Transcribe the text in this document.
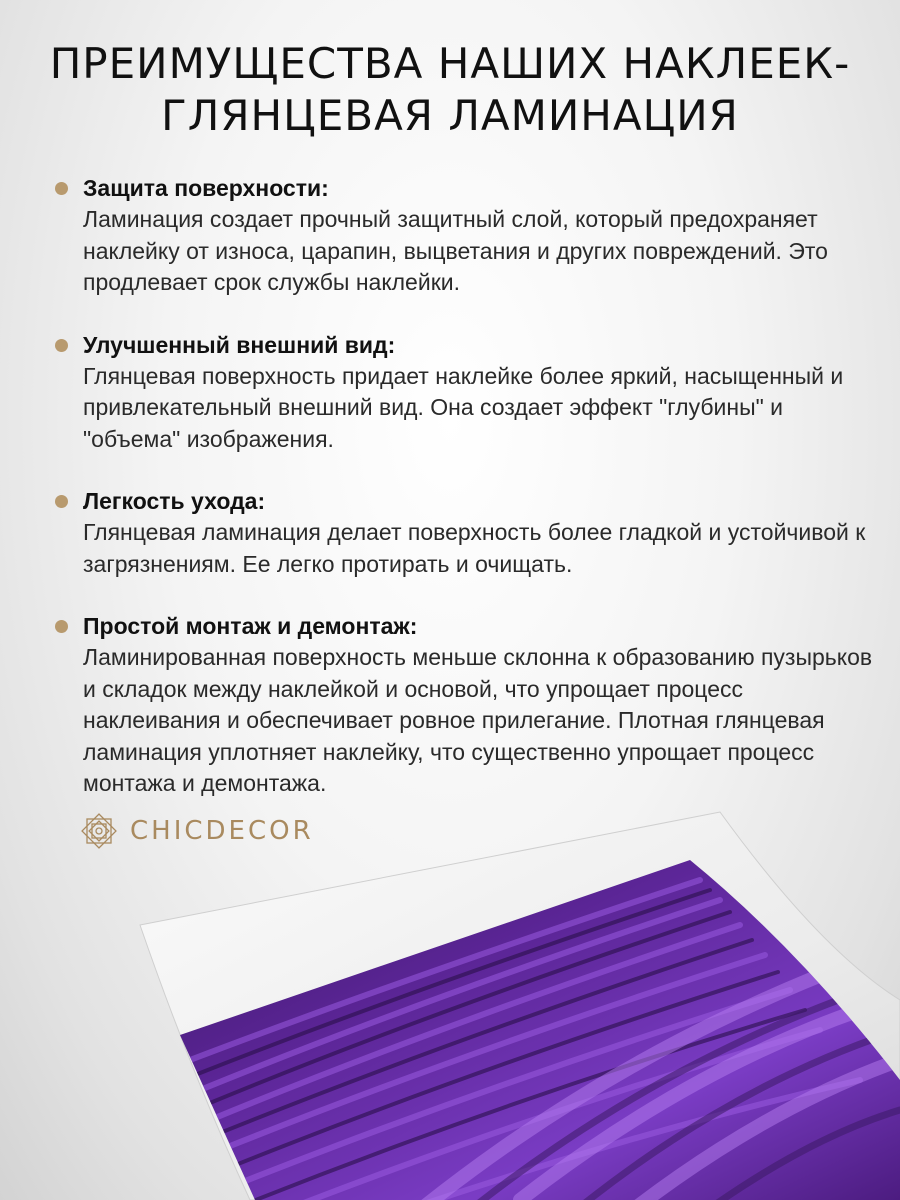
ПРЕИМУЩЕСТВА НАШИХ НАКЛЕЕК-
ГЛЯНЦЕВАЯ ЛАМИНАЦИЯ
Защита поверхности:
Ламинация создает прочный защитный слой, который предохраняет наклейку от износа, царапин, выцветания и других повреждений. Это продлевает срок службы наклейки.
Улучшенный внешний вид:
Глянцевая поверхность придает наклейке более яркий, насыщенный и привлекательный внешний вид. Она создает эффект "глубины" и "объема" изображения.
Легкость ухода:
Глянцевая ламинация делает поверхность более гладкой и устойчивой к загрязнениям. Ее легко протирать и очищать.
Простой монтаж и демонтаж:
Ламинированная поверхность меньше склонна к образованию пузырьков и складок между наклейкой и основой, что упрощает процесс наклеивания и обеспечивает ровное прилегание. Плотная глянцевая ламинация уплотняет наклейку, что существенно упрощает процесс монтажа и демонтажа.
CHICDECOR
